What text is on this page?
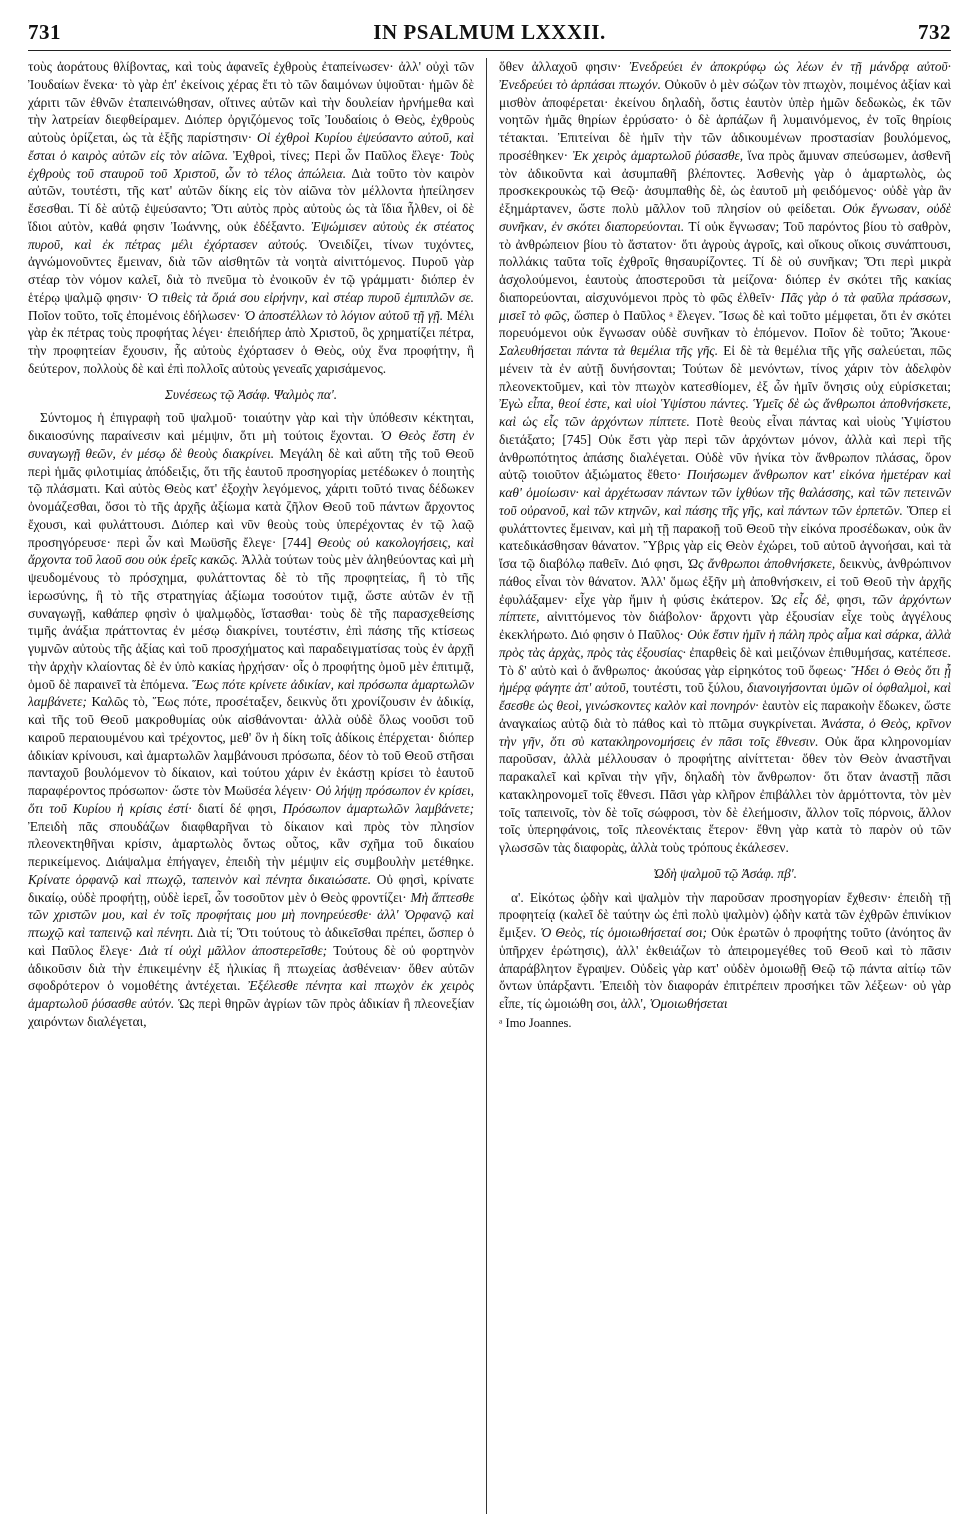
731	IN PSALMUM LXXXII.	732

τοὺς ἀοράτους θλίβοντας, καὶ τοὺς ἀφανεῖς ἐχθροὺς ἐταπείνωσεν· ἀλλ' οὐχὶ τῶν Ἰουδαίων ἕνεκα· τὸ γὰρ ἐπ' ἐκείνοις χέρας ἔτι τὸ τῶν δαιμόνων ὑψοῦται· ἡμῶν δὲ χάριτι τῶν ἐθνῶν ἐταπεινώθησαν, οἵτινες αὐτῶν καὶ τὴν δουλείαν ἠρνήμεθα καὶ τὴν λατρείαν διεφθείραμεν. Διόπερ ὀργιζόμενος τοῖς Ἰουδαίοις ὁ Θεὸς, ἐχθροὺς αὐτοὺς ὁρίζεται, ὡς τὰ ἑξῆς παρίστησιν· Οἱ ἐχθροὶ Κυρίου ἐψεύσαντο αὐτοῦ, καὶ ἔσται ὁ καιρὸς αὐτῶν εἰς τὸν αἰῶνα. Ἐχθροὶ, τίνες; Περὶ ὧν Παῦλος ἔλεγε· Τοὺς ἐχθροὺς τοῦ σταυροῦ τοῦ Χριστοῦ, ὧν τὸ τέλος ἀπώλεια. Διὰ τοῦτο τὸν καιρὸν αὐτῶν, τουτέστι, τῆς κατ' αὐτῶν δίκης εἰς τὸν αἰῶνα τὸν μέλλοντα ἠπείλησεν ἔσεσθαι. Τί δὲ αὐτῷ ἐψεύσαντο; Ὅτι αὐτὸς πρὸς αὐτοὺς ὡς τὰ ἴδια ἦλθεν, οἱ δὲ ἴδιοι αὐτὸν, καθά φησιν Ἰωάννης, οὐκ ἐδέξαντο. Ἐψώμισεν αὐτοὺς ἐκ στέατος πυροῦ, καὶ ἐκ πέτρας μέλι ἐχόρτασεν αὐτούς. Ὀνειδίζει, τίνων τυχόντες, ἀγνώμονοῦντες ἔμειναν, διὰ τῶν αἰσθητῶν τὰ νοητὰ αἰνιττόμενος. Πυροῦ γὰρ στέαρ τὸν νόμον καλεῖ, διὰ τὸ πνεῦμα τὸ ἐνοικοῦν ἐν τῷ γράμματι· διόπερ ἐν ἑτέρῳ ψαλμῷ φησιν· Ὁ τιθεὶς τὰ ὅριά σου εἰρήνην, καὶ στέαρ πυροῦ ἐμπιπλῶν σε. Ποῖον τοῦτο, τοῖς ἐπομένοις ἐδήλωσεν· Ὁ ἀποστέλλων τὸ λόγιον αὐτοῦ τῇ γῇ. Μέλι γὰρ ἐκ πέτρας τοὺς προφήτας λέγει· ἐπειδήπερ ἀπὸ Χριστοῦ, ὃς χρηματίζει πέτρα, τὴν προφητείαν ἔχουσιν, ἧς αὐτοὺς ἐχόρτασεν ὁ Θεὸς, οὐχ ἕνα προφήτην, ἢ δεύτερον, πολλοὺς δὲ καὶ ἐπὶ πολλοῖς αὐτοὺς γενεαῖς χαρισάμενος.

Συνέσεως τῷ Ἀσάφ. Ψαλμὸς πα'.

Σύντομος ἡ ἐπιγραφὴ τοῦ ψαλμοῦ· τοιαύτην γὰρ καὶ τὴν ὑπόθεσιν κέκτηται, δικαιοσύνης παραίνεσιν καὶ μέμψιν, ὅτι μὴ τούτοις ἔχονται. Ὁ Θεὸς ἔστη ἐν συναγωγῇ θεῶν, ἐν μέσῳ δὲ θεοὺς διακρίνει. Μεγάλη δὲ καὶ αὕτη τῆς τοῦ Θεοῦ περὶ ἡμᾶς φιλοτιμίας ἀπόδειξις, ὅτι τῆς ἑαυτοῦ προσηγορίας μετέδωκεν ὁ ποιητὴς τῷ πλάσματι. Καὶ αὐτὸς Θεὸς κατ' ἐξοχὴν λεγόμενος, χάριτι τοῦτό τινας δέδωκεν ὀνομάζεσθαι, ὅσοι τὸ τῆς ἀρχῆς ἀξίωμα κατὰ ζῆλον Θεοῦ τοῦ πάντων ἄρχοντος ἔχουσι, καὶ φυλάττουσι. Διόπερ καὶ νῦν θεοὺς τοὺς ὑπερέχοντας ἐν τῷ λαῷ προσηγόρευσε· περὶ ὧν καὶ Μωϋσῆς ἔλεγε· [744] Θεοὺς οὐ κακολογήσεις, καὶ ἄρχοντα τοῦ λαοῦ σου οὐκ ἐρεῖς κακῶς. Ἀλλὰ τούτων τοὺς μὲν ἀληθεύοντας καὶ μὴ ψευδομένους τὸ πρόσχημα, φυλάττοντας δὲ τὸ τῆς προφητείας, ἢ τὸ τῆς ἱερωσύνης, ἢ τὸ τῆς στρατηγίας ἀξίωμα τοσούτον τιμᾷ, ὥστε αὐτῶν ἐν τῇ συναγωγῇ, καθάπερ φησὶν ὁ ψαλμῳδὸς, ἵστασθαι· τοὺς δὲ τῆς παρασχεθείσης τιμῆς ἀνάξια πράττοντας ἐν μέσῳ διακρίνει, τουτέστιν, ἐπὶ πάσης τῆς κτίσεως γυμνῶν αὐτοὺς τῆς ἀξίας καὶ τοῦ προσχήματος καὶ παραδειγματίσας τοὺς ἐν ἀρχῇ τὴν ἀρχὴν κλαίοντας δὲ ἐν ὑπὸ κακίας ἡρχήσαν· οἷς ὁ προφήτης ὁμοῦ μὲν ἐπιτιμᾷ, ὁμοῦ δὲ παραινεῖ τὰ ἑπόμενα. Ἕως πότε κρίνετε ἀδικίαν, καὶ πρόσωπα ἁμαρτωλῶν λαμβάνετε; Καλῶς τὸ, Ἕως πότε, προσέταξεν, δεικνὺς ὅτι χρονίζουσιν ἐν ἀδικίᾳ, καὶ τῆς τοῦ Θεοῦ μακροθυμίας οὐκ αἰσθάνονται· ἀλλὰ οὐδὲ ὅλως νοοῦσι τοῦ καιροῦ περαιουμένου καὶ τρέχοντος, μεθ' ὃν ἡ δίκη τοῖς ἀδίκοις ἐπέρχεται· διόπερ ἀδικίαν κρίνουσι, καὶ ἁμαρτωλῶν λαμβάνουσι πρόσωπα, δέον τὸ τοῦ Θεοῦ στῆσαι πανταχοῦ βουλόμενον τὸ δίκαιον, καὶ τούτου χάριν ἐν ἑκάστῃ κρίσει τὸ ἑαυτοῦ παραφέροντος πρόσωπον· ὥστε τὸν Μωϋσέα λέγειν· Οὐ λήψῃ πρόσωπον ἐν κρίσει, ὅτι τοῦ Κυρίου ἡ κρίσις ἐστί· διατί δέ φησι, Πρόσωπον ἁμαρτωλῶν λαμβάνετε; Ἐπειδὴ πᾶς σπουδάζων διαφθαρῆναι τὸ δίκαιον καὶ πρὸς τὸν πλησίον πλεονεκτηθῆναι κρίσιν, ἁμαρτωλὸς ὄντως οὗτος, κἂν σχῆμα τοῦ δικαίου περικείμενος. Διάψαλμα ἐπήγαγεν, ἐπειδὴ τὴν μέμψιν εἰς συμβουλὴν μετέθηκε. Κρίνατε ὀρφανῷ καὶ πτωχῷ, ταπεινὸν καὶ πένητα δικαιώσατε. Οὐ φησὶ, κρίνατε δικαίῳ, οὐδὲ προφήτῃ, οὐδὲ ἱερεῖ, ὧν τοσοῦτον μὲν ὁ Θεὸς φροντίζει· Μὴ ἅπτεσθε τῶν χριστῶν μου, καὶ ἐν τοῖς προφήταις μου μὴ πονηρεύεσθε· ἀλλ' Ὀρφανῷ καὶ πτωχῷ καὶ ταπεινῷ καὶ πένητι. Διὰ τί; Ὅτι τούτους τὸ ἀδικεῖσθαι πρέπει, ὥσπερ ὁ καὶ Παῦλος ἔλεγε· Διὰ τί οὐχὶ μᾶλλον ἀποστερεῖσθε; Τούτους δὲ οὐ φορτηνὸν ἀδικοῦσιν διὰ τὴν ἐπικειμένην ἐξ ἡλικίας ἢ πτωχείας ἀσθένειαν· ὅθεν αὐτῶν σφοδρότερον ὁ νομοθέτης ἀντέχεται. Ἐξέλεσθε πένητα καὶ πτωχὸν ἐκ χειρὸς ἁμαρτωλοῦ ῥύσασθε αὐτόν. Ὡς περὶ θηρῶν ἀγρίων τῶν πρὸς ἀδικίαν ἢ πλεονεξίαν χαιρόντων διαλέγεται,

ὅθεν ἀλλαχοῦ φησιν· Ἐνεδρεύει ἐν ἀποκρύφῳ ὡς λέων ἐν τῇ μάνδρᾳ αὐτοῦ· Ἐνεδρεύει τὸ ἁρπάσαι πτωχόν. Οὐκοῦν ὁ μὲν σώζων τὸν πτωχὸν, ποιμένος ἀξίαν καὶ μισθὸν ἀποφέρεται· ἐκείνου δηλαδὴ, ὅστις ἑαυτὸν ὑπὲρ ἡμῶν δεδωκὼς, ἐκ τῶν νοητῶν ἡμᾶς θηρίων ἐρρύσατο· ὁ δὲ ἁρπάζων ἢ λυμαινόμενος, ἐν τοῖς θηρίοις τέτακται. Ἐπιτείναι δὲ ἡμῖν τὴν τῶν ἀδικουμένων προστασίαν βουλόμενος, προσέθηκεν· Ἐκ χειρὸς ἁμαρτωλοῦ ῥύσασθε, ἵνα πρὸς ἄμυναν σπεύσωμεν, ἀσθενῆ τὸν ἀδικοῦντα καὶ ἀσυμπαθῆ βλέποντες. Ἀσθενὴς γὰρ ὁ ἁμαρτωλὸς, ὡς προσκεκρουκὼς τῷ Θεῷ· ἀσυμπαθὴς δὲ, ὡς ἑαυτοῦ μὴ φειδόμενος· οὐδὲ γὰρ ἂν ἐξημάρτανεν, ὥστε πολὺ μᾶλλον τοῦ πλησίον οὐ φείδεται. Οὐκ ἔγνωσαν, οὐδὲ συνῆκαν, ἐν σκότει διαπορεύονται. Τί οὐκ ἔγνωσαν; Τοῦ παρόντος βίου τὸ σαθρὸν, τὸ ἀνθρώπειον βίου τὸ ἄστατον· ὅτι ἀγροὺς ἀγροῖς, καὶ οἴκους οἴκοις συνάπτουσι, πολλάκις ταῦτα τοῖς ἐχθροῖς θησαυρίζοντες. Τί δὲ οὐ συνῆκαν; Ὅτι περὶ μικρὰ ἀσχολούμενοι, ἑαυτοὺς ἀποστεροῦσι τὰ μείζονα· διόπερ ἐν σκότει τῆς κακίας διαπορεύονται, αἰσχυνόμενοι πρὸς τὸ φῶς ἐλθεῖν· Πᾶς γὰρ ὁ τὰ φαῦλα πράσσων, μισεῖ τὸ φῶς, ὥσπερ ὁ Παῦλος ᵃ ἔλεγεν. Ἴσως δὲ καὶ τοῦτο μέμφεται, ὅτι ἐν σκότει πορευόμενοι οὐκ ἔγνωσαν οὐδὲ συνῆκαν τὸ ἑπόμενον. Ποῖον δὲ τοῦτο; Ἄκουε· Σαλευθήσεται πάντα τὰ θεμέλια τῆς γῆς. Εἰ δὲ τὰ θεμέλια τῆς γῆς σαλεύεται, πῶς μένειν τὰ ἐν αὐτῇ δυνήσονται; Τούτων δὲ μενόντων, τίνος χάριν τὸν ἀδελφὸν πλεονεκτοῦμεν, καὶ τὸν πτωχὸν κατεσθίομεν, ἐξ ὧν ἡμῖν ὄνησις οὐχ εὑρίσκεται; Ἐγὼ εἶπα, θεοί ἐστε, καὶ υἱοὶ Ὑψίστου πάντες. Ὑμεῖς δὲ ὡς ἄνθρωποι ἀποθνήσκετε, καὶ ὡς εἷς τῶν ἀρχόντων πίπτετε. Ποτὲ θεοὺς εἶναι πάντας καὶ υἱοὺς Ὑψίστου διετάξατο; [745] Οὐκ ἔστι γὰρ περὶ τῶν ἀρχόντων μόνον, ἀλλὰ καὶ περὶ τῆς ἀνθρωπότητος ἁπάσης διαλέγεται. Οὐδὲ νῦν ἡνίκα τὸν ἄνθρωπον πλάσας, ὅρον αὐτῷ τοιοῦτον ἀξιώματος ἔθετο· Ποιήσωμεν ἄνθρωπον κατ' εἰκόνα ἡμετέραν καὶ καθ' ὁμοίωσιν· καὶ ἀρχέτωσαν πάντων τῶν ἰχθύων τῆς θαλάσσης, καὶ τῶν πετεινῶν τοῦ οὐρανοῦ, καὶ τῶν κτηνῶν, καὶ πάσης τῆς γῆς, καὶ πάντων τῶν ἑρπετῶν. Ὅπερ εἰ φυλάττοντες ἔμειναν, καὶ μὴ τῇ παρακοῇ τοῦ Θεοῦ τὴν εἰκόνα προσέδωκαν, οὐκ ἂν κατεδικάσθησαν θάνατον. Ὕβρις γὰρ εἰς Θεὸν ἐχώρει, τοῦ αὐτοῦ ἀγνοήσαι, καὶ τὰ ἴσα τῷ διαβόλῳ παθεῖν. Διό φησι, Ὡς ἄνθρωποι ἀποθνήσκετε, δεικνὺς, ἀνθρώπινον πάθος εἶναι τὸν θάνατον. Ἀλλ' ὅμως ἐξῆν μὴ ἀποθνήσκειν, εἰ τοῦ Θεοῦ τὴν ἀρχῆς ἐφυλάξαμεν· εἶχε γὰρ ἥμιν ἡ φύσις ἑκάτερον. Ὡς εἷς δὲ, φησι, τῶν ἀρχόντων πίπτετε, αἰνιττόμενος τὸν διάβολον· ἄρχοντι γὰρ ἐξουσίαν εἶχε τοὺς ἀγγέλους ἐκεκλήρωτο. Διό φησιν ὁ Παῦλος· Οὐκ ἔστιν ἡμῖν ἡ πάλη πρὸς αἷμα καὶ σάρκα, ἀλλὰ πρὸς τὰς ἀρχὰς, πρὸς τὰς ἐξουσίας· ἐπαρθεὶς δὲ καὶ μειζόνων ἐπιθυμήσας, κατέπεσε. Τὸ δ' αὐτὸ καὶ ὁ ἄνθρωπος· ἀκούσας γὰρ εἰρηκότος τοῦ ὄφεως· Ἤδει ὁ Θεὸς ὅτι ᾗ ἡμέρᾳ φάγητε ἀπ' αὐτοῦ, τουτέστι, τοῦ ξύλου, διανοιγήσονται ὑμῶν οἱ ὀφθαλμοὶ, καὶ ἔσεσθε ὡς θεοὶ, γινώσκοντες καλὸν καὶ πονηρόν· ἑαυτὸν εἰς παρακοὴν ἔδωκεν, ὥστε ἀναγκαίως αὐτῷ διὰ τὸ πάθος καὶ τὸ πτῶμα συγκρίνεται. Ἀνάστα, ὁ Θεὸς, κρῖνον τὴν γῆν, ὅτι σὺ κατακληρονομήσεις ἐν πᾶσι τοῖς ἔθνεσιν. Οὐκ ἄρα κληρονομίαν παροῦσαν, ἀλλὰ μέλλουσαν ὁ προφήτης αἰνίττεται· ὅθεν τὸν Θεὸν ἀναστῆναι παρακαλεῖ καὶ κρῖναι τὴν γῆν, δηλαδὴ τὸν ἄνθρωπον· ὅτι ὅταν ἀναστῇ πᾶσι κατακληρονομεῖ τοῖς ἔθνεσι. Πᾶσι γὰρ κλῆρον ἐπιβάλλει τὸν ἁρμόττοντα, τὸν μὲν τοῖς ταπεινοῖς, τὸν δὲ τοῖς σώφροσι, τὸν δὲ ἐλεήμοσιν, ἄλλον τοῖς πόρνοις, ἄλλον τοῖς ὑπερηφάνοις, τοῖς πλεονέκταις ἕτερον· ἔθνη γὰρ κατὰ τὸ παρὸν οὐ τῶν γλωσσῶν τὰς διαφορὰς, ἀλλὰ τοὺς τρόπους ἐκάλεσεν.

Ὠδὴ ψαλμοῦ τῷ Ἀσάφ. πβ'.

α'. Εἰκότως ᾠδὴν καὶ ψαλμὸν τὴν παροῦσαν προσηγορίαν ἔχθεσιν· ἐπειδὴ τῇ προφητείᾳ (καλεῖ δὲ ταύτην ὡς ἐπὶ πολὺ ψαλμὸν) ᾠδὴν κατὰ τῶν ἐχθρῶν ἐπινίκιον ἔμιξεν. Ὁ Θεὸς, τίς ὁμοιωθήσεταί σοι; Οὐκ ἐρωτῶν ὁ προφήτης τοῦτο (ἀνόητος ἂν ὑπῆρχεν ἐρώτησις), ἀλλ' ἐκθειάζων τὸ ἀπειρομεγέθες τοῦ Θεοῦ καὶ τὸ πᾶσιν ἀπαράβλητον ἔγραψεν. Οὐδεὶς γὰρ κατ' οὐδὲν ὁμοιωθῇ Θεῷ τῷ πάντα αἰτίῳ τῶν ὄντων ὑπάρξαντι. Ἐπειδὴ τὸν διαφοράν ἐπιτρέπειν προσήκει τῶν λέξεων· οὐ γὰρ εἶπε, τίς ὡμοιώθη σοι, ἀλλ', Ὁμοιωθήσεται

ᵃ Imo Joannes.
